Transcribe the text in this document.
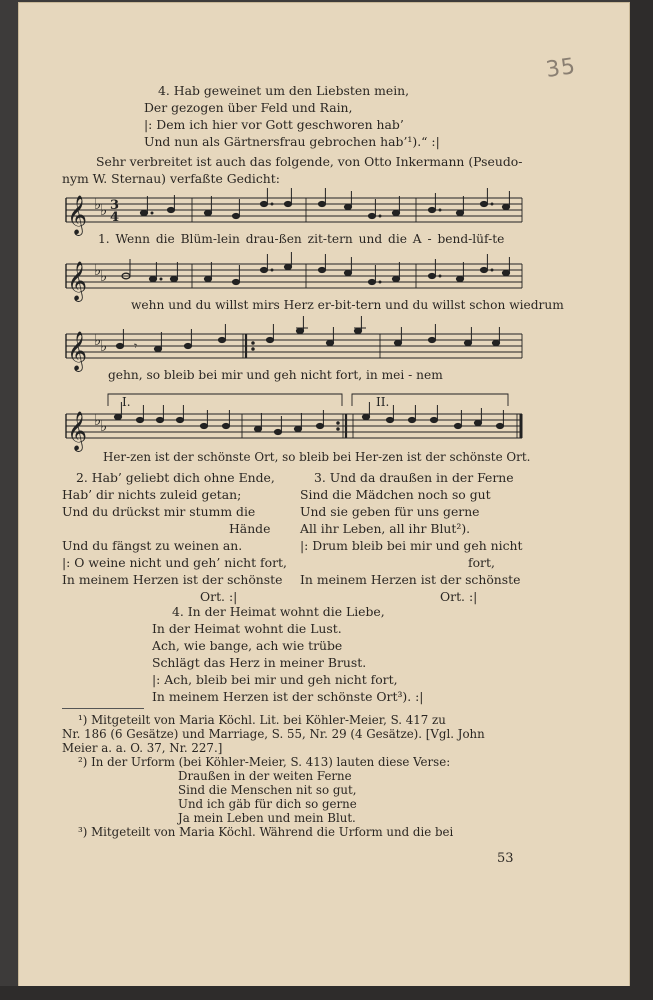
35
4. Hab geweinet um den Liebsten mein,
Der gezogen über Feld und Rain,
|: Dem ich hier vor Gott geschworen hab’
Und nun als Gärtnersfrau gebrochen hab’¹).“ :|
Sehr verbreitet ist auch das folgende, von Otto Inkermann (Pseudo-
nym W. Sternau) verfaßte Gedicht:
𝄞 ♭
♭ 3
4
1. Wenn die Blüm-lein drau-ßen zit-tern und die A - bend-lüf-te
𝄞 ♭
♭
wehn und du willst mirs Herz er-bit-tern und du willst schon wiedrum
𝄞 ♭
♭ 𝄾
gehn, so bleib bei mir und geh nicht fort, in mei - nem
I.	II.
𝄞 ♭
♭
Her-zen ist der schönste Ort, so bleib bei Her-zen ist der schönste Ort.
2. Hab’ geliebt dich ohne Ende,
Hab’ dir nichts zuleid getan;
Und du drückst mir stumm die
Hände
Und du fängst zu weinen an.
|: O weine nicht und geh’ nicht fort,
In meinem Herzen ist der schönste
Ort. :|
3. Und da draußen in der Ferne
Sind die Mädchen noch so gut
Und sie geben für uns gerne
All ihr Leben, all ihr Blut²).
|: Drum bleib bei mir und geh nicht
fort,
In meinem Herzen ist der schönste
Ort. :|
4. In der Heimat wohnt die Liebe,
In der Heimat wohnt die Lust.
Ach, wie bange, ach wie trübe
Schlägt das Herz in meiner Brust.
|: Ach, bleib bei mir und geh nicht fort,
In meinem Herzen ist der schönste Ort³). :|
¹) Mitgeteilt von Maria Köchl. Lit. bei Köhler-Meier, S. 417 zu
Nr. 186 (6 Gesätze) und Marriage, S. 55, Nr. 29 (4 Gesätze). [Vgl. John
Meier a. a. O. 37, Nr. 227.]
²) In der Urform (bei Köhler-Meier, S. 413) lauten diese Verse:
Draußen in der weiten Ferne
Sind die Menschen nit so gut,
Und ich gäb für dich so gerne
Ja mein Leben und mein Blut.
³) Mitgeteilt von Maria Köchl. Während die Urform und die bei
53
